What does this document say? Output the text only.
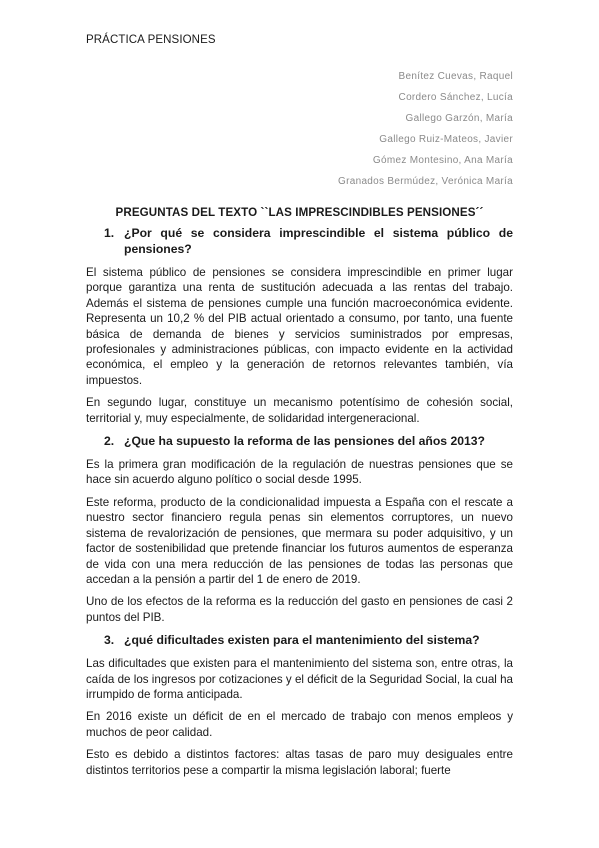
PRÁCTICA PENSIONES
Benítez Cuevas, Raquel
Cordero Sánchez, Lucía
Gallego Garzón, María
Gallego Ruiz-Mateos, Javier
Gómez Montesino, Ana María
Granados Bermúdez, Verónica María
PREGUNTAS DEL TEXTO ``LAS IMPRESCINDIBLES PENSIONES´´
1. ¿Por qué se considera imprescindible el sistema público de pensiones?

El sistema público de pensiones se considera imprescindible en primer lugar porque garantiza una renta de sustitución adecuada a las rentas del trabajo. Además el sistema de pensiones cumple una función macroeconómica evidente. Representa un 10,2 % del PIB actual orientado a consumo, por tanto, una fuente básica de demanda de bienes y servicios suministrados por empresas, profesionales y administraciones públicas, con impacto evidente en la actividad económica, el empleo y la generación de retornos relevantes también, vía impuestos.

En segundo lugar, constituye un mecanismo potentísimo de cohesión social, territorial y, muy especialmente, de solidaridad intergeneracional.

2. ¿Que ha supuesto la reforma de las pensiones del años 2013?

Es la primera gran modificación de la regulación de nuestras pensiones que se hace sin acuerdo alguno político o social desde 1995.

Este reforma, producto de la condicionalidad impuesta a España con el rescate a nuestro sector financiero regula penas sin elementos corruptores, un nuevo sistema de revalorización de pensiones, que mermara su poder adquisitivo, y un factor de sostenibilidad que pretende financiar los futuros aumentos de esperanza de vida con una mera reducción de las pensiones de todas las personas que accedan a la pensión a partir del 1 de enero de 2019.

Uno de los efectos de la reforma es la reducción del gasto en pensiones de casi 2 puntos del PIB.

3. ¿qué dificultades existen para el mantenimiento del sistema?

Las dificultades que existen para el mantenimiento del sistema son, entre otras, la caída de los ingresos por cotizaciones y el déficit de la Seguridad Social, la cual ha irrumpido de forma anticipada.

En 2016 existe un déficit de en el mercado de trabajo con menos empleos y muchos de peor calidad.

Esto es debido a distintos factores: altas tasas de paro muy desiguales entre distintos territorios pese a compartir la misma legislación laboral; fuerte
